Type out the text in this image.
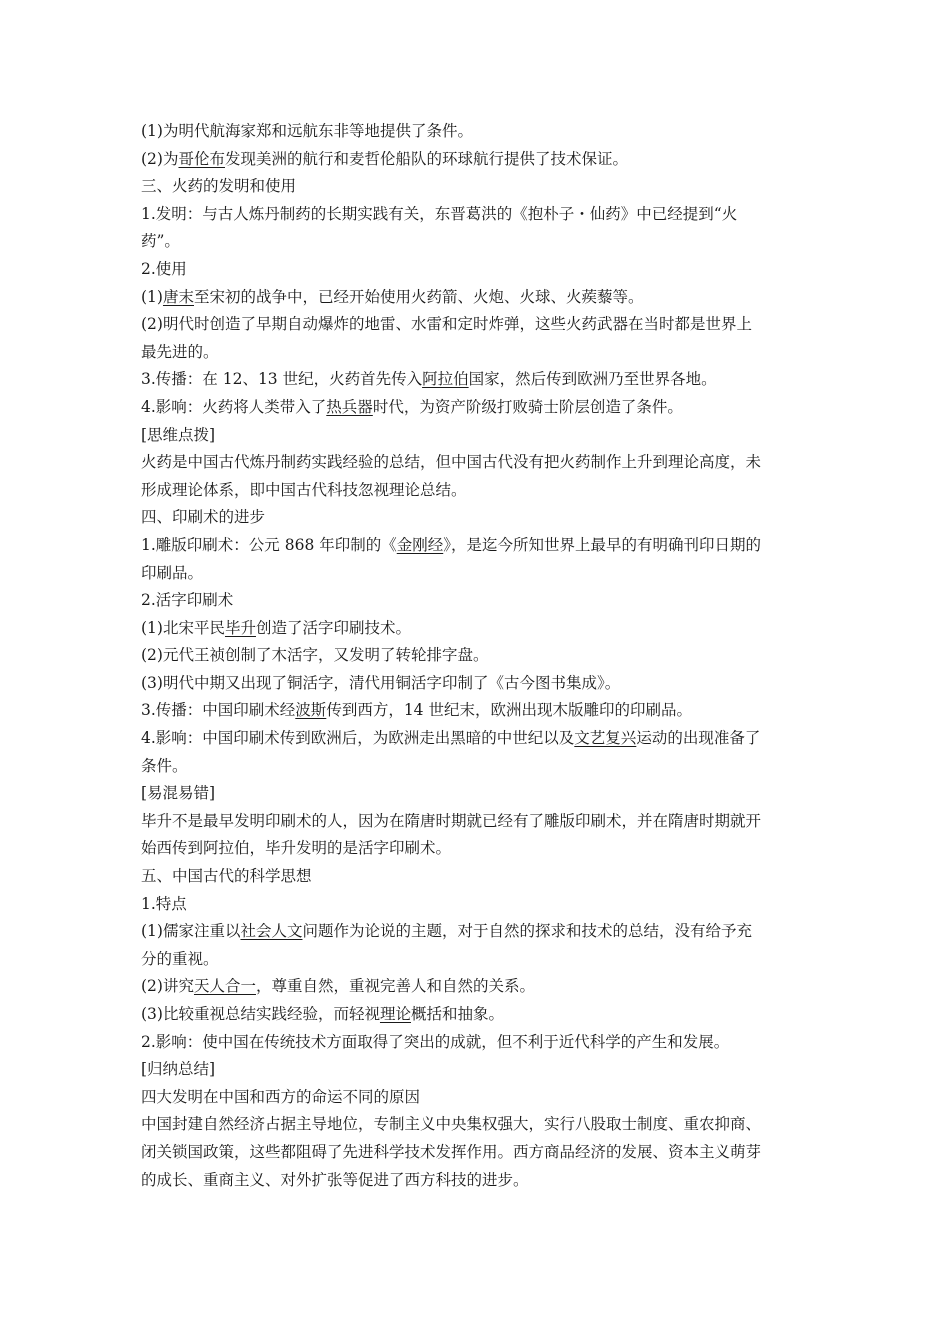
(1)为明代航海家郑和远航东非等地提供了条件。
(2)为哥伦布发现美洲的航行和麦哲伦船队的环球航行提供了技术保证。
三、火药的发明和使用
1.发明：与古人炼丹制药的长期实践有关，东晋葛洪的《抱朴子・仙药》中已经提到“火
药”。
2.使用
(1)唐末至宋初的战争中，已经开始使用火药箭、火炮、火球、火蒺藜等。
(2)明代时创造了早期自动爆炸的地雷、水雷和定时炸弹，这些火药武器在当时都是世界上
最先进的。
3.传播：在 12、13 世纪，火药首先传入阿拉伯国家，然后传到欧洲乃至世界各地。
4.影响：火药将人类带入了热兵器时代，为资产阶级打败骑士阶层创造了条件。
[思维点拨]
火药是中国古代炼丹制药实践经验的总结，但中国古代没有把火药制作上升到理论高度，未
形成理论体系，即中国古代科技忽视理论总结。
四、印刷术的进步
1.雕版印刷术：公元 868 年印制的《金刚经》，是迄今所知世界上最早的有明确刊印日期的
印刷品。
2.活字印刷术
(1)北宋平民毕升创造了活字印刷技术。
(2)元代王祯创制了木活字，又发明了转轮排字盘。
(3)明代中期又出现了铜活字，清代用铜活字印制了《古今图书集成》。
3.传播：中国印刷术经波斯传到西方，14 世纪末，欧洲出现木版雕印的印刷品。
4.影响：中国印刷术传到欧洲后，为欧洲走出黑暗的中世纪以及文艺复兴运动的出现准备了
条件。
[易混易错]
毕升不是最早发明印刷术的人，因为在隋唐时期就已经有了雕版印刷术，并在隋唐时期就开
始西传到阿拉伯，毕升发明的是活字印刷术。
五、中国古代的科学思想
1.特点
(1)儒家注重以社会人文问题作为论说的主题，对于自然的探求和技术的总结，没有给予充
分的重视。
(2)讲究天人合一，尊重自然，重视完善人和自然的关系。
(3)比较重视总结实践经验，而轻视理论概括和抽象。
2.影响：使中国在传统技术方面取得了突出的成就，但不利于近代科学的产生和发展。
[归纳总结]
四大发明在中国和西方的命运不同的原因
中国封建自然经济占据主导地位，专制主义中央集权强大，实行八股取士制度、重农抑商、
闭关锁国政策，这些都阻碍了先进科学技术发挥作用。西方商品经济的发展、资本主义萌芽
的成长、重商主义、对外扩张等促进了西方科技的进步。
